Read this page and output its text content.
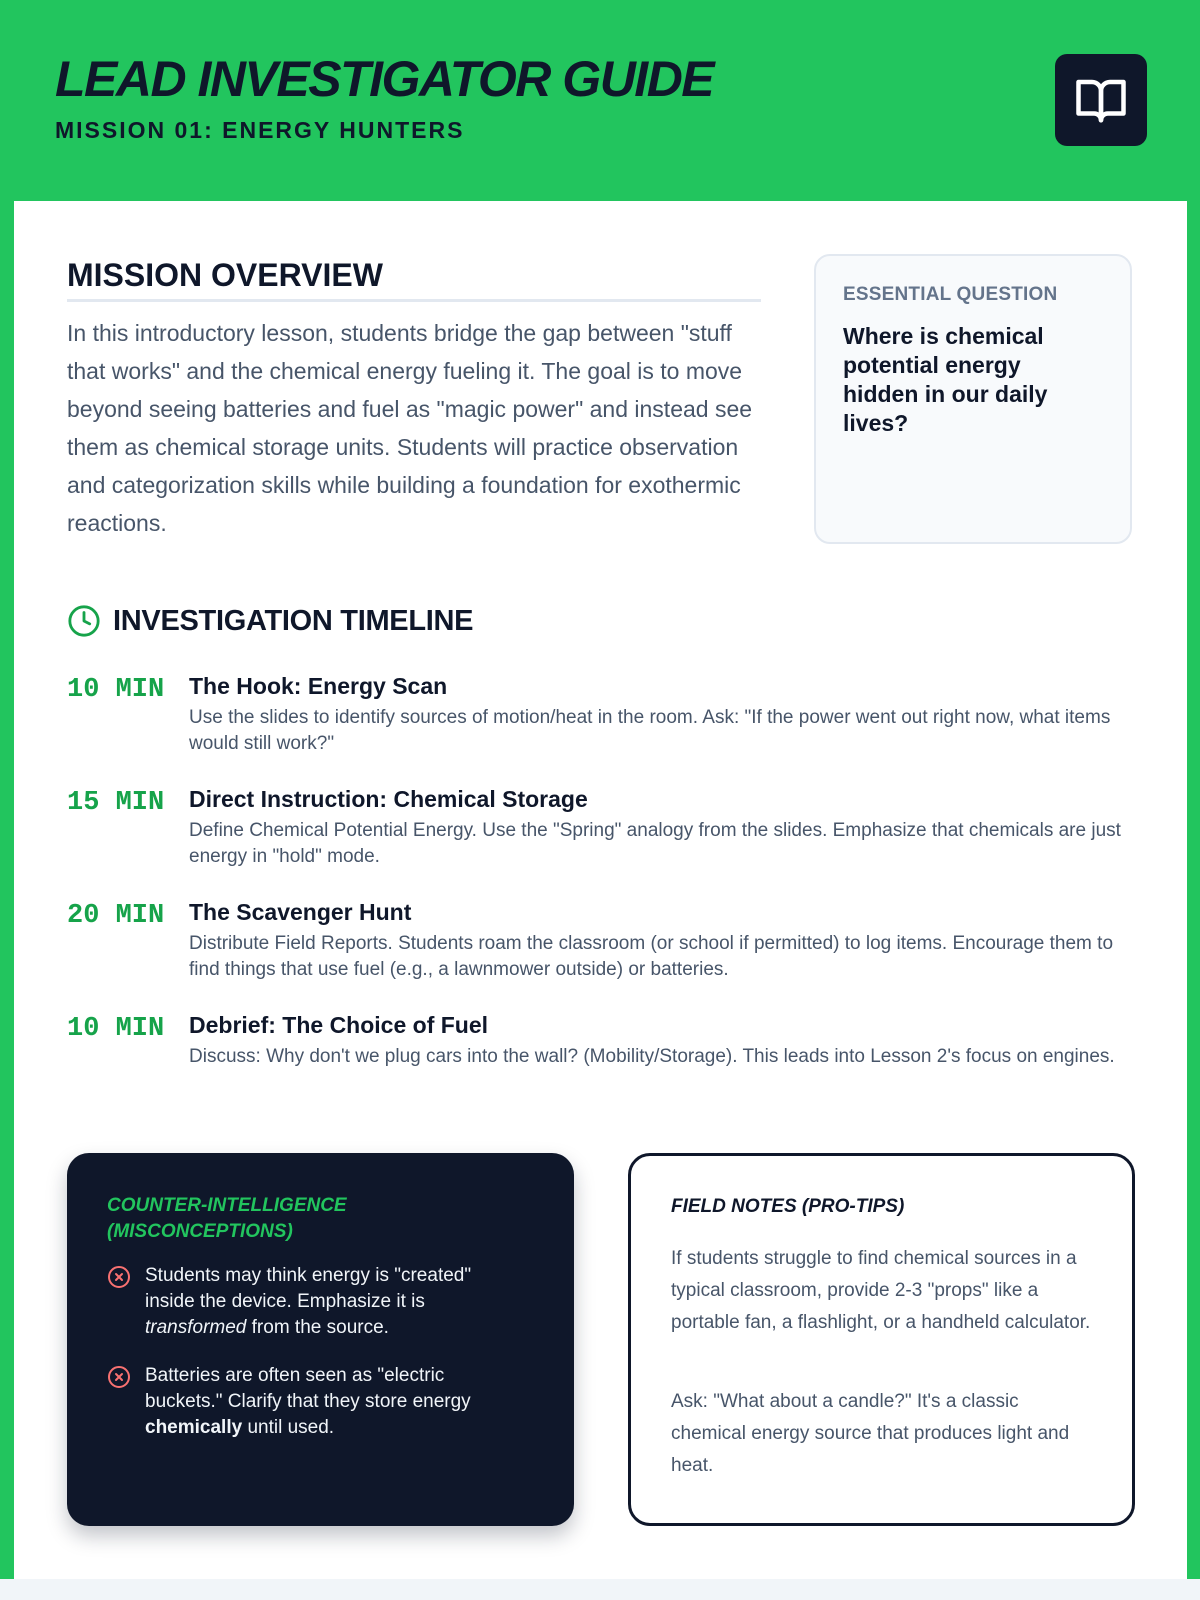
LEAD INVESTIGATOR GUIDE
MISSION 01: ENERGY HUNTERS
MISSION OVERVIEW

In this introductory lesson, students bridge the gap between "stuff that works" and the chemical energy fueling it. The goal is to move beyond seeing batteries and fuel as "magic power" and instead see them as chemical storage units. Students will practice observation and categorization skills while building a foundation for exothermic reactions.

ESSENTIAL QUESTION
Where is chemical potential energy hidden in our daily lives?
INVESTIGATION TIMELINE
10 MIN The Hook: Energy Scan
Use the slides to identify sources of motion/heat in the room. Ask: "If the power went out right now, what items would still work?"
15 MIN Direct Instruction: Chemical Storage
Define Chemical Potential Energy. Use the "Spring" analogy from the slides. Emphasize that chemicals are just energy in "hold" mode.
20 MIN The Scavenger Hunt
Distribute Field Reports. Students roam the classroom (or school if permitted) to log items. Encourage them to find things that use fuel (e.g., a lawnmower outside) or batteries.
10 MIN Debrief: The Choice of Fuel
Discuss: Why don't we plug cars into the wall? (Mobility/Storage). This leads into Lesson 2's focus on engines.
COUNTER-INTELLIGENCE (MISCONCEPTIONS)
Students may think energy is "created" inside the device. Emphasize it is transformed from the source.
Batteries are often seen as "electric buckets." Clarify that they store energy chemically until used.
FIELD NOTES (PRO-TIPS)

If students struggle to find chemical sources in a typical classroom, provide 2-3 "props" like a portable fan, a flashlight, or a handheld calculator.

Ask: "What about a candle?" It's a classic chemical energy source that produces light and heat.
